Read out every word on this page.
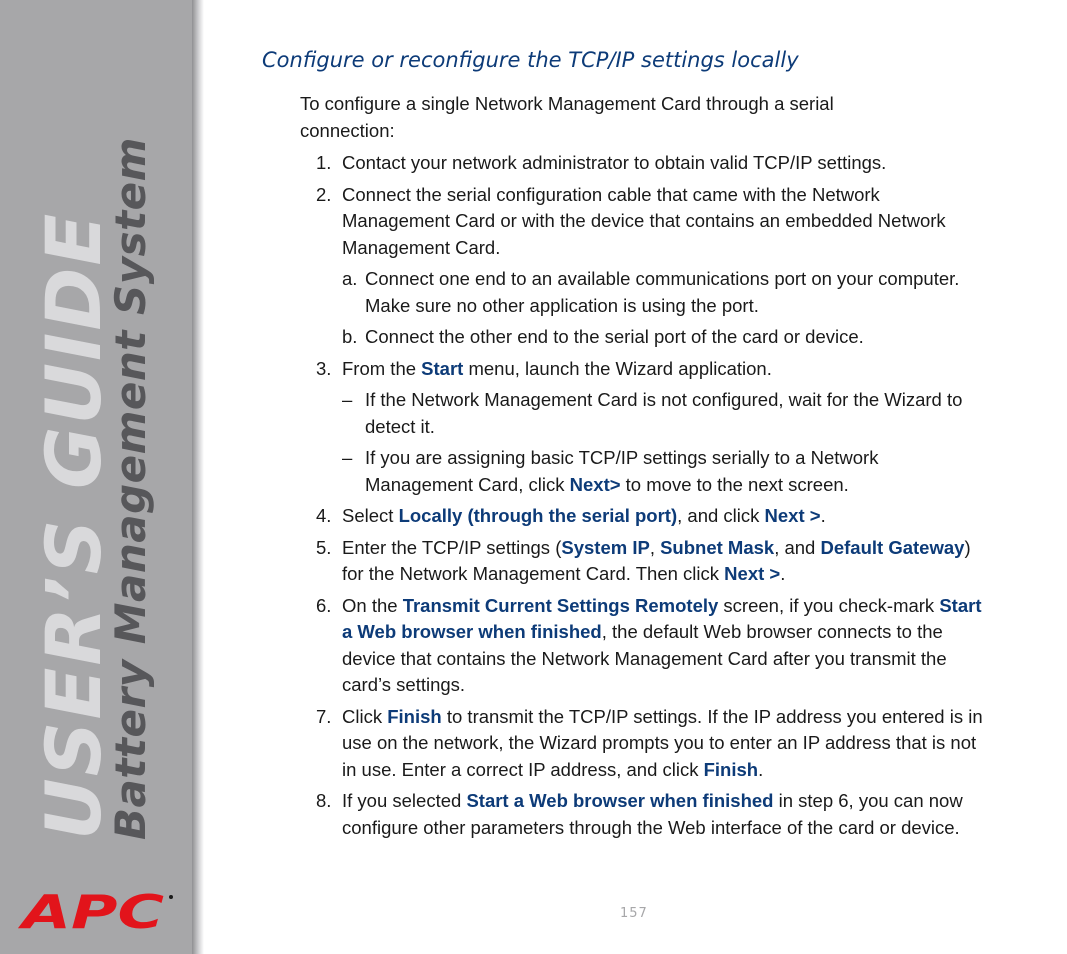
USER’S GUIDE
Battery Management System
APC	157
Configure or reconfigure the TCP/IP settings locally

To configure a single Network Management Card through a serial connection:

1. Contact your network administrator to obtain valid TCP/IP settings.
2. Connect the serial configuration cable that came with the Network Management Card or with the device that contains an embedded Network Management Card.
a. Connect one end to an available communications port on your computer. Make sure no other application is using the port.
b. Connect the other end to the serial port of the card or device.
3. From the Start menu, launch the Wizard application.
– If the Network Management Card is not configured, wait for the Wizard to detect it.
– If you are assigning basic TCP/IP settings serially to a Network Management Card, click Next> to move to the next screen.
4. Select Locally (through the serial port), and click Next >.
5. Enter the TCP/IP settings (System IP, Subnet Mask, and Default Gateway) for the Network Management Card. Then click Next >.
6. On the Transmit Current Settings Remotely screen, if you check-mark Start a Web browser when finished, the default Web browser connects to the device that contains the Network Management Card after you transmit the card’s settings.
7. Click Finish to transmit the TCP/IP settings. If the IP address you entered is in use on the network, the Wizard prompts you to enter an IP address that is not in use. Enter a correct IP address, and click Finish.
8. If you selected Start a Web browser when finished in step 6, you can now configure other parameters through the Web interface of the card or device.
